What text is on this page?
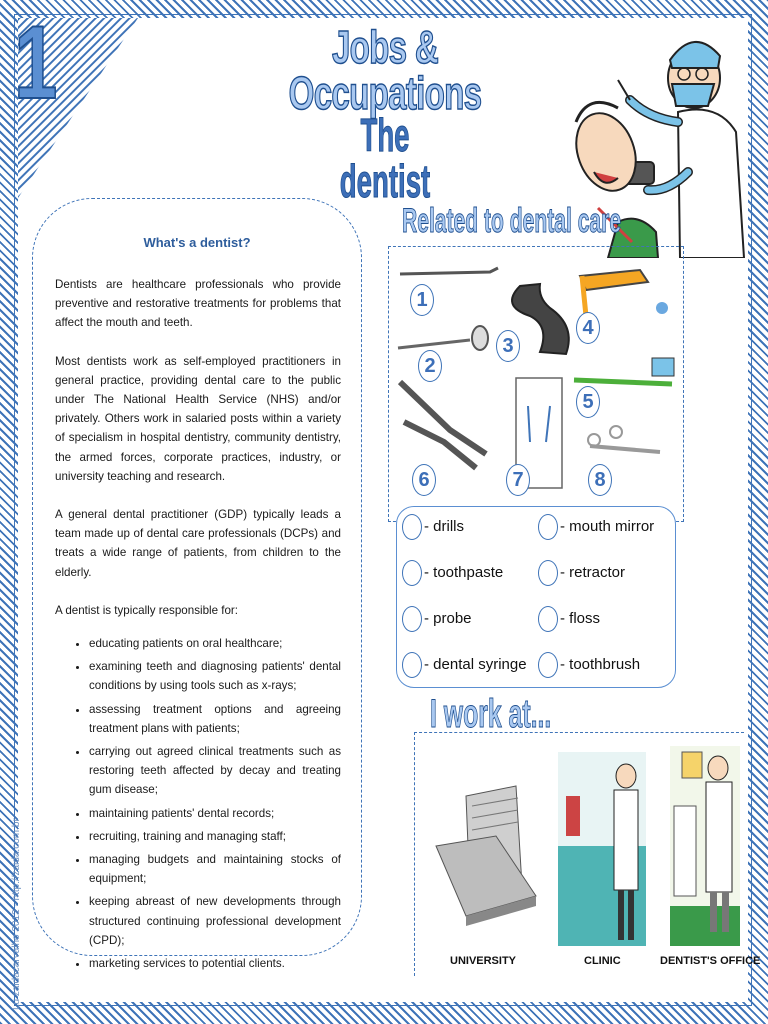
1	Jobs & Occupations
The dentist
What's a dentist?

Dentists are healthcare professionals who provide preventive and restorative treatments for problems that affect the mouth and teeth.

Most dentists work as self-employed practitioners in general practice, providing dental care to the public under The National Health Service (NHS) and/or privately. Others work in salaried posts within a variety of specialism in hospital dentistry, community dentistry, the armed forces, corporate practices, industry, or university teaching and research.

A general dental practitioner (GDP) typically leads a team made up of dental care professionals (DCPs) and treats a wide range of patients, from children to the elderly.

A dentist is typically responsible for:

• educating patients on oral healthcare;
• examining teeth and diagnosing patients' dental conditions by using tools such as x-rays;
• assessing treatment options and agreeing treatment plans with patients;
• carrying out agreed clinical treatments such as restoring teeth affected by decay and treating gum disease;
• maintaining patients' dental records;
• recruiting, training and managing staff;
• managing budgets and maintaining stocks of equipment;
• keeping abreast of new developments through structured continuing professional development (CPD);
• marketing services to potential clients.
Lu zaidacarvalho 2012 - http://zaida.com.br
Related to dental care
1
2
3
4
5
6	7	8
- drills	- mouth mirror
- toothpaste	- retractor
- probe	- floss
- dental syringe	- toothbrush
I work at...
UNIVERSITY	CLINIC	DENTIST'S OFFICE
